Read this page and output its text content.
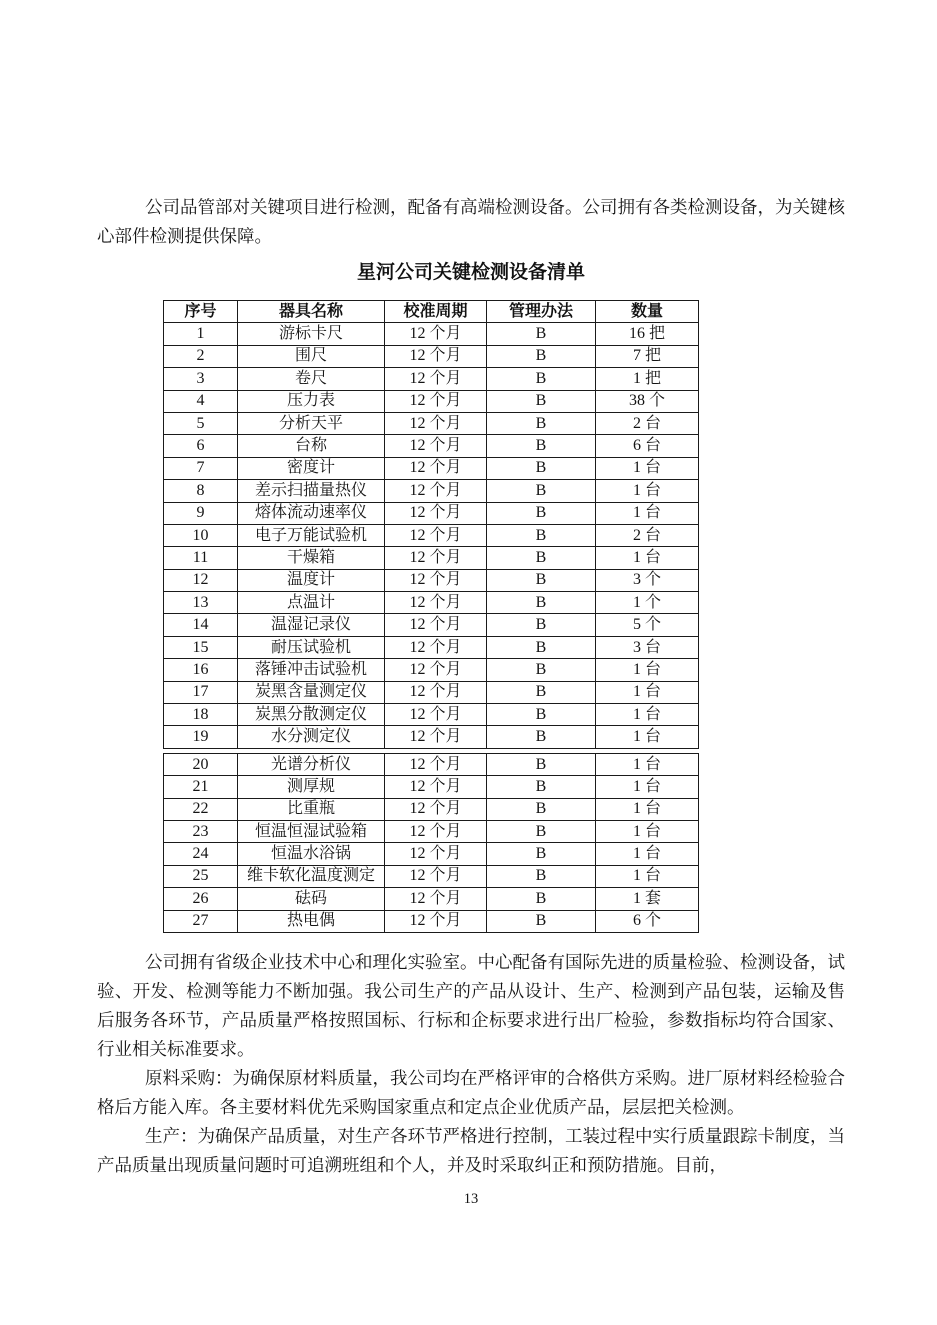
公司品管部对关键项目进行检测，配备有高端检测设备。公司拥有各类检测设备，为关键核心部件检测提供保障。

星河公司关键检测设备清单
序号	器具名称	校准周期	管理办法	数量
1	游标卡尺	12 个月	B	16 把
2	围尺	12 个月	B	7 把
3	卷尺	12 个月	B	1 把
4	压力表	12 个月	B	38 个
5	分析天平	12 个月	B	2 台
6	台称	12 个月	B	6 台
7	密度计	12 个月	B	1 台
8	差示扫描量热仪	12 个月	B	1 台
9	熔体流动速率仪	12 个月	B	1 台
10	电子万能试验机	12 个月	B	2 台
11	干燥箱	12 个月	B	1 台
12	温度计	12 个月	B	3 个
13	点温计	12 个月	B	1 个
14	温湿记录仪	12 个月	B	5 个
15	耐压试验机	12 个月	B	3 台
16	落锤冲击试验机	12 个月	B	1 台
17	炭黑含量测定仪	12 个月	B	1 台
18	炭黑分散测定仪	12 个月	B	1 台
19	水分测定仪	12 个月	B	1 台
20	光谱分析仪	12 个月	B	1 台
21	测厚规	12 个月	B	1 台
22	比重瓶	12 个月	B	1 台
23	恒温恒湿试验箱	12 个月	B	1 台
24	恒温水浴锅	12 个月	B	1 台
25	维卡软化温度测定	12 个月	B	1 台
26	砝码	12 个月	B	1 套
27	热电偶	12 个月	B	6 个

公司拥有省级企业技术中心和理化实验室。中心配备有国际先进的质量检验、检测设备，试验、开发、检测等能力不断加强。我公司生产的产品从设计、生产、检测到产品包装，运输及售后服务各环节，产品质量严格按照国标、行标和企标要求进行出厂检验，参数指标均符合国家、行业相关标准要求。

原料采购：为确保原材料质量，我公司均在严格评审的合格供方采购。进厂原材料经检验合格后方能入库。各主要材料优先采购国家重点和定点企业优质产品，层层把关检测。

生产：为确保产品质量，对生产各环节严格进行控制，工装过程中实行质量跟踪卡制度，当产品质量出现质量问题时可追溯班组和个人，并及时采取纠正和预防措施。目前，

13
